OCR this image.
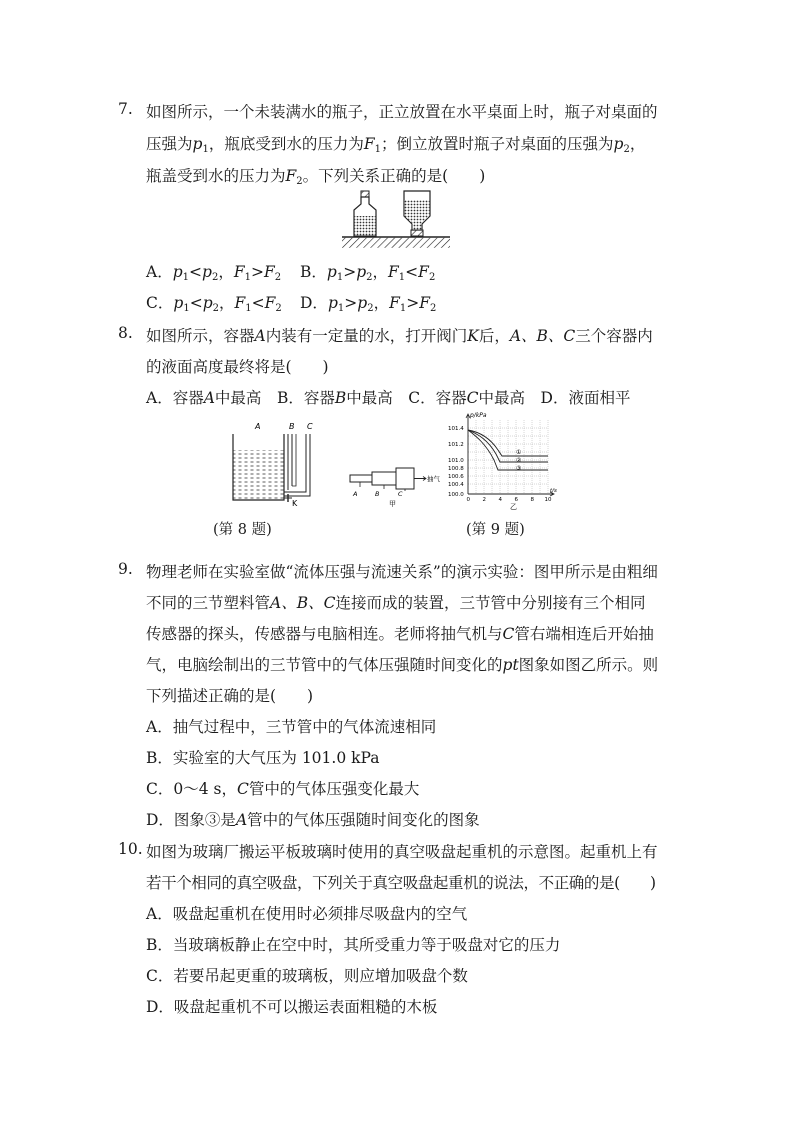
7. 如图所示，一个未装满水的瓶子，正立放置在水平桌面上时，瓶子对桌面的
压强为$p_1$，瓶底受到水的压力为$F_1$；倒立放置时瓶子对桌面的压强为$p_2$，
瓶盖受到水的压力为$F_2$。下列关系正确的是(　　)
A．$p_1<p_2$，$F_1>F_2$ B．$p_1>p_2$，$F_1<F_2$
C．$p_1<p_2$，$F_1<F_2$ D．$p_1>p_2$，$F_1>F_2$
8. 如图所示，容器A内装有一定量的水，打开阀门K后，A、B、C三个容器内
的液面高度最终将是(　　)
A．容器A中最高　 B．容器B中最高　 C．容器C中最高　 D．液面相平
A	B C
K
(第 8 题)
抽气
A	B	C
甲
p/kPa
t/s
101.4
101.2
101.0
100.8
100.6
100.4
100.0
0 2 4 6 8 10
①
②
③
乙
(第 9 题)
9. 物理老师在实验室做“流体压强与流速关系”的演示实验：图甲所示是由粗细
不同的三节塑料管A、B、C连接而成的装置，三节管中分别接有三个相同
传感器的探头，传感器与电脑相连。老师将抽气机与C管右端相连后开始抽
气，电脑绘制出的三节管中的气体压强随时间变化的pt图象如图乙所示。则
下列描述正确的是(　　)
A．抽气过程中，三节管中的气体流速相同
B．实验室的大气压为 101.0 kPa
C．0～4 s，C管中的气体压强变化最大
D．图象③是A管中的气体压强随时间变化的图象
10. 如图为玻璃厂搬运平板玻璃时使用的真空吸盘起重机的示意图。起重机上有
若干个相同的真空吸盘，下列关于真空吸盘起重机的说法，不正确的是(　　)
A．吸盘起重机在使用时必须排尽吸盘内的空气
B．当玻璃板静止在空中时，其所受重力等于吸盘对它的压力
C．若要吊起更重的玻璃板，则应增加吸盘个数
D．吸盘起重机不可以搬运表面粗糙的木板
